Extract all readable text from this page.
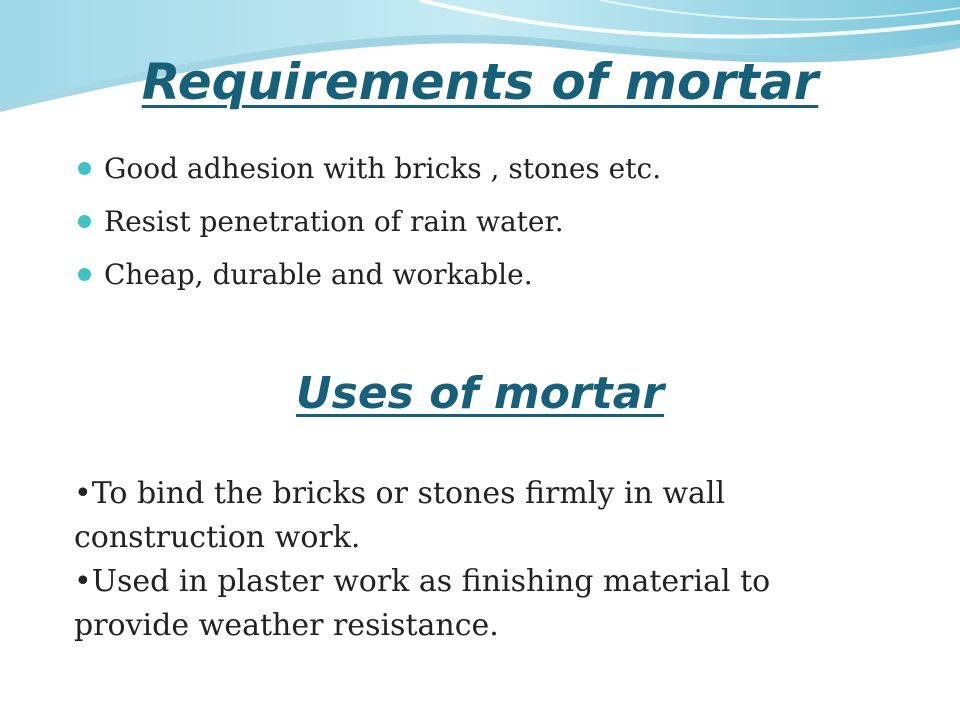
Requirements of mortar
Good adhesion with bricks , stones etc.
Resist penetration of rain water.
Cheap, durable and workable.
Uses of mortar

•To bind the bricks or stones firmly in wall construction work.

•Used in plaster work as finishing material to provide weather resistance.
